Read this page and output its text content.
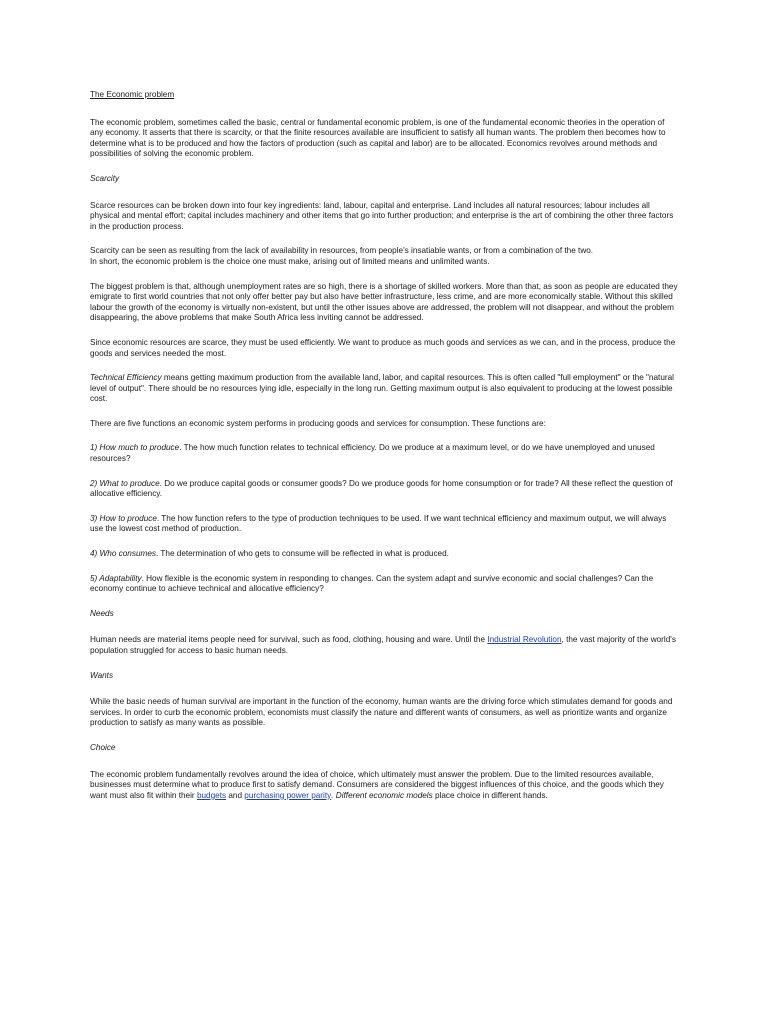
The Economic problem

The economic problem, sometimes called the basic, central or fundamental economic problem, is one of the fundamental economic theories in the operation of any economy. It asserts that there is scarcity, or that the finite resources available are insufficient to satisfy all human wants. The problem then becomes how to determine what is to be produced and how the factors of production (such as capital and labor) are to be allocated. Economics revolves around methods and possibilities of solving the economic problem.

Scarcity

Scarce resources can be broken down into four key ingredients: land, labour, capital and enterprise. Land includes all natural resources; labour includes all physical and mental effort; capital includes machinery and other items that go into further production; and enterprise is the art of combining the other three factors in the production process.

Scarcity can be seen as resulting from the lack of availability in resources, from people's insatiable wants, or from a combination of the two.

In short, the economic problem is the choice one must make, arising out of limited means and unlimited wants.

The biggest problem is that, although unemployment rates are so high, there is a shortage of skilled workers. More than that, as soon as people are educated they emigrate to first world countries that not only offer better pay but also have better infrastructure, less crime, and are more economically stable. Without this skilled labour the growth of the economy is virtually non-existent, but until the other issues above are addressed, the problem will not disappear, and without the problem disappearing, the above problems that make South Africa less inviting cannot be addressed.

Since economic resources are scarce, they must be used efficiently. We want to produce as much goods and services as we can, and in the process, produce the goods and services needed the most.

Technical Efficiency means getting maximum production from the available land, labor, and capital resources. This is often called "full employment" or the "natural level of output". There should be no resources lying idle, especially in the long run. Getting maximum output is also equivalent to producing at the lowest possible cost.

There are five functions an economic system performs in producing goods and services for consumption. These functions are:

1) How much to produce. The how much function relates to technical efficiency. Do we produce at a maximum level, or do we have unemployed and unused resources?

2) What to produce. Do we produce capital goods or consumer goods? Do we produce goods for home consumption or for trade? All these reflect the question of allocative efficiency.

3) How to produce. The how function refers to the type of production techniques to be used. If we want technical efficiency and maximum output, we will always use the lowest cost method of production.

4) Who consumes. The determination of who gets to consume will be reflected in what is produced.

5) Adaptability. How flexible is the economic system in responding to changes. Can the system adapt and survive economic and social challenges? Can the economy continue to achieve technical and allocative efficiency?

Needs

Human needs are material items people need for survival, such as food, clothing, housing and ware. Until the Industrial Revolution, the vast majority of the world's population struggled for access to basic human needs.

Wants

While the basic needs of human survival are important in the function of the economy, human wants are the driving force which stimulates demand for goods and services. In order to curb the economic problem, economists must classify the nature and different wants of consumers, as well as prioritize wants and organize production to satisfy as many wants as possible.

Choice

The economic problem fundamentally revolves around the idea of choice, which ultimately must answer the problem. Due to the limited resources available, businesses must determine what to produce first to satisfy demand. Consumers are considered the biggest influences of this choice, and the goods which they want must also fit within their budgets and purchasing power parity. Different economic models place choice in different hands.
